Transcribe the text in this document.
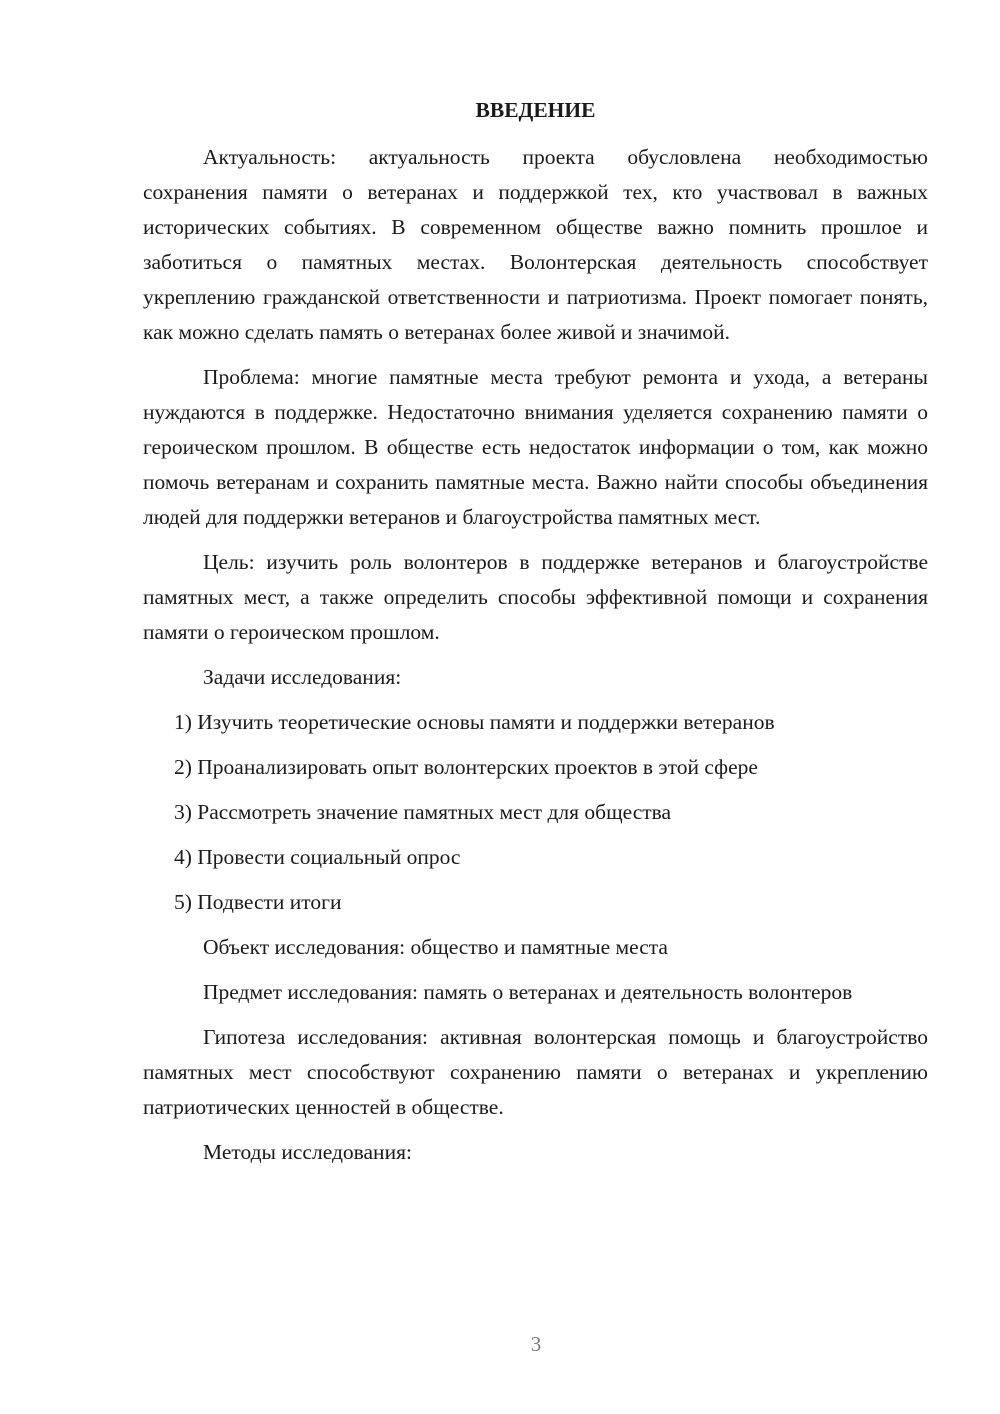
ВВЕДЕНИЕ

Актуальность: актуальность проекта обусловлена необходимостью сохранения памяти о ветеранах и поддержкой тех, кто участвовал в важных исторических событиях. В современном обществе важно помнить прошлое и заботиться о памятных местах. Волонтерская деятельность способствует укреплению гражданской ответственности и патриотизма. Проект помогает понять, как можно сделать память о ветеранах более живой и значимой.

Проблема: многие памятные места требуют ремонта и ухода, а ветераны нуждаются в поддержке. Недостаточно внимания уделяется сохранению памяти о героическом прошлом. В обществе есть недостаток информации о том, как можно помочь ветеранам и сохранить памятные места. Важно найти способы объединения людей для поддержки ветеранов и благоустройства памятных мест.

Цель: изучить роль волонтеров в поддержке ветеранов и благоустройстве памятных мест, а также определить способы эффективной помощи и сохранения памяти о героическом прошлом.

Задачи исследования:

1) Изучить теоретические основы памяти и поддержки ветеранов
2) Проанализировать опыт волонтерских проектов в этой сфере
3) Рассмотреть значение памятных мест для общества
4) Провести социальный опрос
5) Подвести итоги

Объект исследования: общество и памятные места

Предмет исследования: память о ветеранах и деятельность волонтеров

Гипотеза исследования: активная волонтерская помощь и благоустройство памятных мест способствуют сохранению памяти о ветеранах и укреплению патриотических ценностей в обществе.

Методы исследования:

3
